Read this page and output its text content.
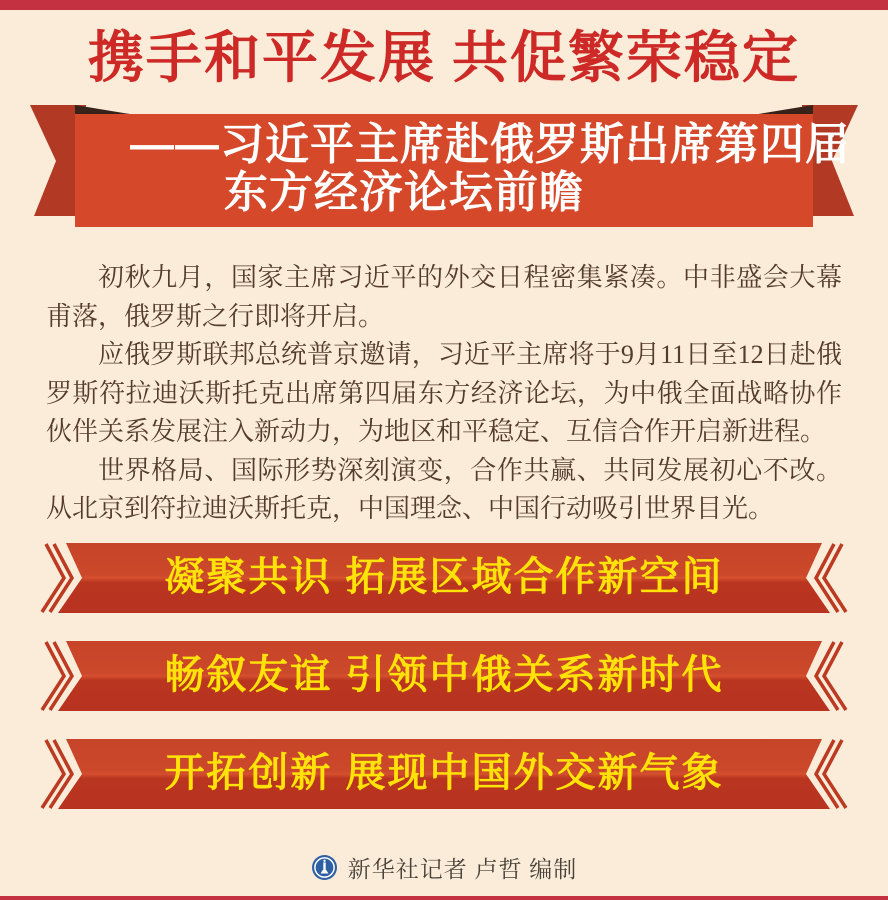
携手和平发展 共促繁荣稳定
——习近平主席赴俄罗斯出席第四届
东方经济论坛前瞻

初秋九月，国家主席习近平的外交日程密集紧凑。中非盛会大幕甫落，俄罗斯之行即将开启。

应俄罗斯联邦总统普京邀请，习近平主席将于9月11日至12日赴俄罗斯符拉迪沃斯托克出席第四届东方经济论坛，为中俄全面战略协作伙伴关系发展注入新动力，为地区和平稳定、互信合作开启新进程。

世界格局、国际形势深刻演变，合作共赢、共同发展初心不改。从北京到符拉迪沃斯托克，中国理念、中国行动吸引世界目光。

凝聚共识 拓展区域合作新空间
畅叙友谊 引领中俄关系新时代
开拓创新 展现中国外交新气象
新华社记者 卢哲 编制
